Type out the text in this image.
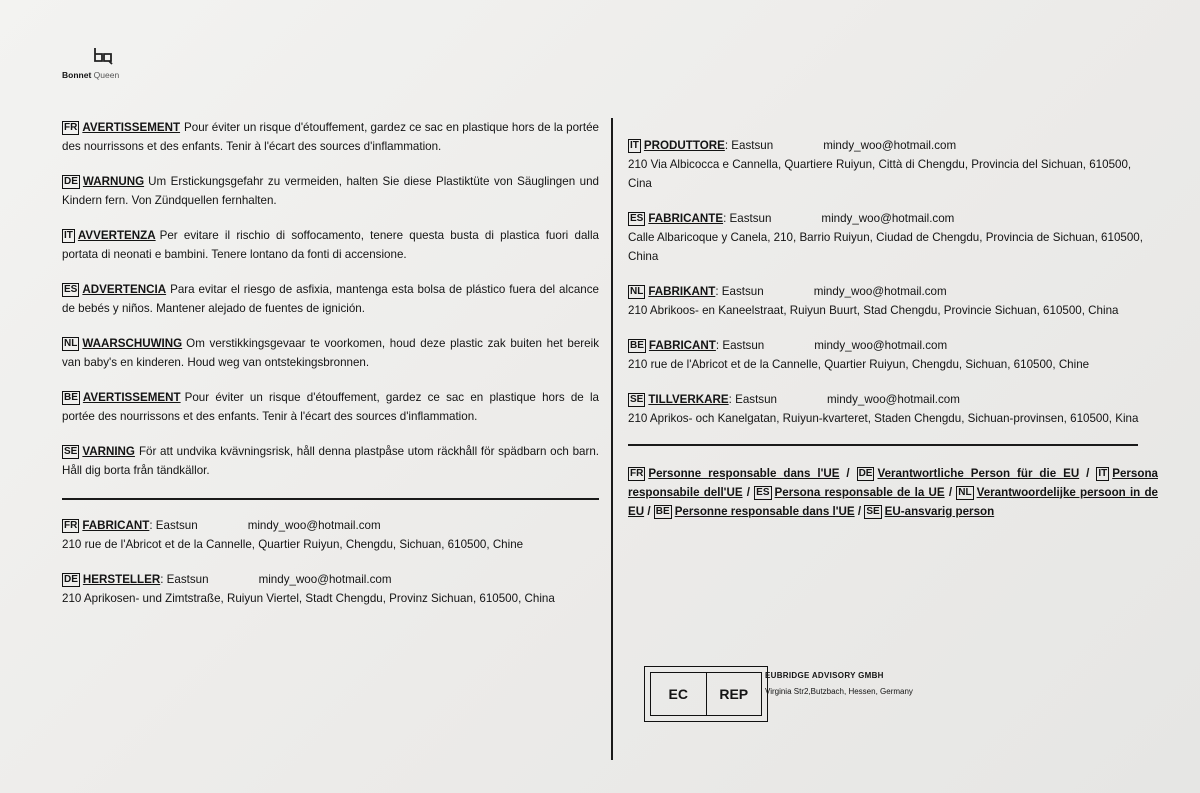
Bonnet Queen

FR AVERTISSEMENT Pour éviter un risque d'étouffement, gardez ce sac en plastique hors de la portée des nourrissons et des enfants. Tenir à l'écart des sources d'inflammation.

DE WARNUNG Um Erstickungsgefahr zu vermeiden, halten Sie diese Plastiktüte von Säuglingen und Kindern fern. Von Zündquellen fernhalten.

IT AVVERTENZA Per evitare il rischio di soffocamento, tenere questa busta di plastica fuori dalla portata di neonati e bambini. Tenere lontano da fonti di accensione.

ES ADVERTENCIA Para evitar el riesgo de asfixia, mantenga esta bolsa de plástico fuera del alcance de bebés y niños. Mantener alejado de fuentes de ignición.

NL WAARSCHUWING Om verstikkingsgevaar te voorkomen, houd deze plastic zak buiten het bereik van baby's en kinderen. Houd weg van ontstekingsbronnen.

BE AVERTISSEMENT Pour éviter un risque d'étouffement, gardez ce sac en plastique hors de la portée des nourrissons et des enfants. Tenir à l'écart des sources d'inflammation.

SE VARNING För att undvika kvävningsrisk, håll denna plastpåse utom räckhåll för spädbarn och barn. Håll dig borta från tändkällor.

FR FABRICANT: Eastsun	mindy_woo@hotmail.com
210 rue de l'Abricot et de la Cannelle, Quartier Ruiyun, Chengdu, Sichuan, 610500, Chine
DE HERSTELLER: Eastsun	mindy_woo@hotmail.com
210 Aprikosen- und Zimtstraße, Ruiyun Viertel, Stadt Chengdu, Provinz Sichuan, 610500, China
IT PRODUTTORE: Eastsun	mindy_woo@hotmail.com
210 Via Albicocca e Cannella, Quartiere Ruiyun, Città di Chengdu, Provincia del Sichuan, 610500, Cina
ES FABRICANTE: Eastsun	mindy_woo@hotmail.com
Calle Albaricoque y Canela, 210, Barrio Ruiyun, Ciudad de Chengdu, Provincia de Sichuan, 610500, China
NL FABRIKANT: Eastsun	mindy_woo@hotmail.com
210 Abrikoos- en Kaneelstraat, Ruiyun Buurt, Stad Chengdu, Provincie Sichuan, 610500, China
BE FABRICANT: Eastsun	mindy_woo@hotmail.com
210 rue de l'Abricot et de la Cannelle, Quartier Ruiyun, Chengdu, Sichuan, 610500, Chine
SE TILLVERKARE: Eastsun	mindy_woo@hotmail.com
210 Aprikos- och Kanelgatan, Ruiyun-kvarteret, Staden Chengdu, Sichuan-provinsen, 610500, Kina

FR Personne responsable dans l'UE / DE Verantwortliche Person für die EU / IT Persona responsabile dell'UE / ES Persona responsable de la UE / NL Verantwoordelijke persoon in de EU / BE Personne responsable dans l'UE / SE EU-ansvarig person

EC	REP
EUBRIDGE ADVISORY GMBH
Virginia Str2,Butzbach, Hessen, Germany
